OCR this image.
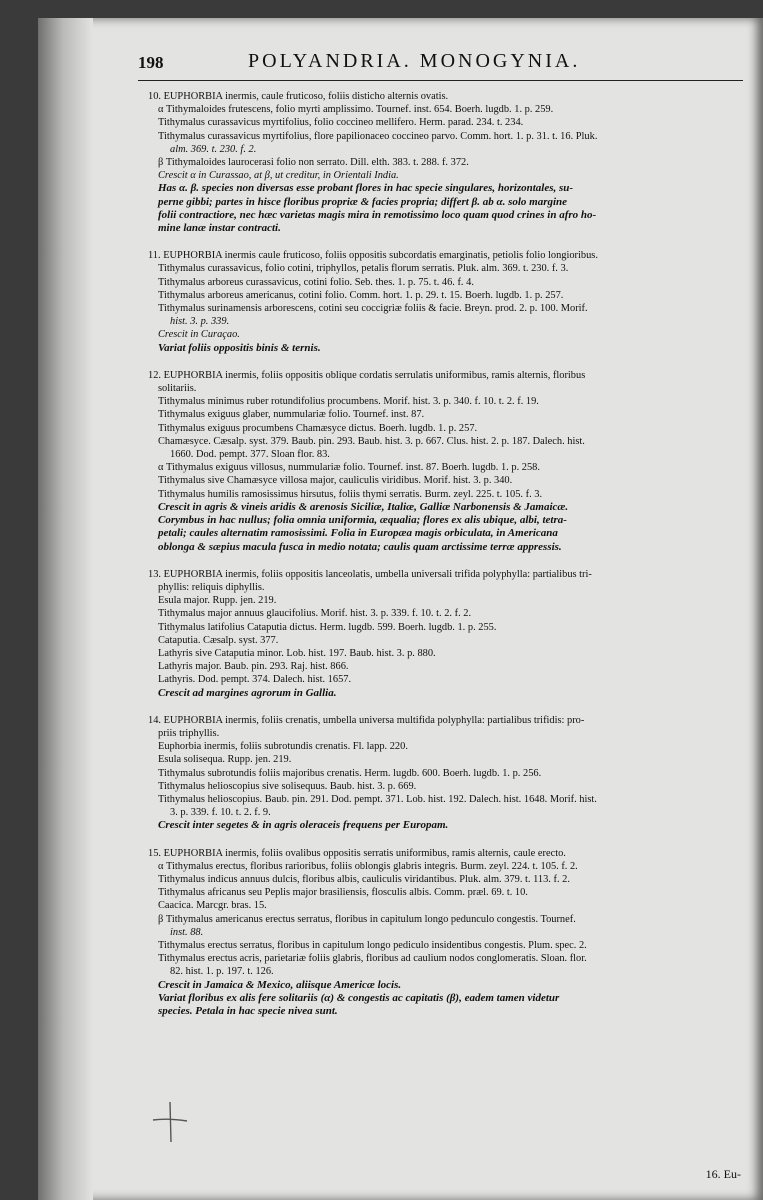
198	POLYANDRIA. MONOGYNIA.
10. EUPHORBIA inermis, caule fruticoso, foliis disticho alternis ovatis.
α Tithymaloides frutescens, folio myrti amplissimo. Tournef. inst. 654. Boerh. lugdb. 1. p. 259.
Tithymalus curassavicus myrtifolius, folio coccineo mellifero. Herm. parad. 234. t. 234.
Tithymalus curassavicus myrtifolius, flore papilionaceo coccineo parvo. Comm. hort. 1. p. 31. t. 16. Pluk.
alm. 369. t. 230. f. 2.
β Tithymaloides laurocerasi folio non serrato. Dill. elth. 383. t. 288. f. 372.
Crescit α in Curassao, at β, ut creditur, in Orientali India.
Has α. β. species non diversas esse probant flores in hac specie singulares, horizontales, su-
perne gibbi; partes in hisce floribus propriæ & facies propria; differt β. ab α. solo margine
folii contractiore, nec hæc varietas magis mira in remotissimo loco quam quod crines in afro ho-
mine lanæ instar contracti.
11. EUPHORBIA inermis caule fruticoso, foliis oppositis subcordatis emarginatis, petiolis folio longioribus.
Tithymalus curassavicus, folio cotini, triphyllos, petalis florum serratis. Pluk. alm. 369. t. 230. f. 3.
Tithymalus arboreus curassavicus, cotini folio. Seb. thes. 1. p. 75. t. 46. f. 4.
Tithymalus arboreus americanus, cotini folio. Comm. hort. 1. p. 29. t. 15. Boerh. lugdb. 1. p. 257.
Tithymalus surinamensis arborescens, cotini seu coccigriæ foliis & facie. Breyn. prod. 2. p. 100. Morif.
hist. 3. p. 339.
Crescit in Curaçao.
Variat foliis oppositis binis & ternis.
12. EUPHORBIA inermis, foliis oppositis oblique cordatis serrulatis uniformibus, ramis alternis, floribus
solitariis.
Tithymalus minimus ruber rotundifolius procumbens. Morif. hist. 3. p. 340. f. 10. t. 2. f. 19.
Tithymalus exiguus glaber, nummulariæ folio. Tournef. inst. 87.
Tithymalus exiguus procumbens Chamæsyce dictus. Boerh. lugdb. 1. p. 257.
Chamæsyce. Cæsalp. syst. 379. Baub. pin. 293. Baub. hist. 3. p. 667. Clus. hist. 2. p. 187. Dalech. hist.
1660. Dod. pempt. 377. Sloan flor. 83.
α Tithymalus exiguus villosus, nummulariæ folio. Tournef. inst. 87. Boerh. lugdb. 1. p. 258.
Tithymalus sive Chamæsyce villosa major, cauliculis viridibus. Morif. hist. 3. p. 340.
Tithymalus humilis ramosissimus hirsutus, foliis thymi serratis. Burm. zeyl. 225. t. 105. f. 3.
Crescit in agris & vineis aridis & arenosis Siciliæ, Italiæ, Galliæ Narbonensis & Jamaicæ.
Corymbus in hac nullus; folia omnia uniformia, æqualia; flores ex alis ubique, albi, tetra-
petali; caules alternatim ramosissimi. Folia in Europæa magis orbiculata, in Americana
oblonga & sæpius macula fusca in medio notata; caulis quam arctissime terræ appressis.
13. EUPHORBIA inermis, foliis oppositis lanceolatis, umbella universali trifida polyphylla: partialibus tri-
phyllis: reliquis diphyllis.
Esula major. Rupp. jen. 219.
Tithymalus major annuus glaucifolius. Morif. hist. 3. p. 339. f. 10. t. 2. f. 2.
Tithymalus latifolius Cataputia dictus. Herm. lugdb. 599. Boerh. lugdb. 1. p. 255.
Cataputia. Cæsalp. syst. 377.
Lathyris sive Cataputia minor. Lob. hist. 197. Baub. hist. 3. p. 880.
Lathyris major. Baub. pin. 293. Raj. hist. 866.
Lathyris. Dod. pempt. 374. Dalech. hist. 1657.
Crescit ad margines agrorum in Gallia.
14. EUPHORBIA inermis, foliis crenatis, umbella universa multifida polyphylla: partialibus trifidis: pro-
priis triphyllis.
Euphorbia inermis, foliis subrotundis crenatis. Fl. lapp. 220.
Esula solisequa. Rupp. jen. 219.
Tithymalus subrotundis foliis majoribus crenatis. Herm. lugdb. 600. Boerh. lugdb. 1. p. 256.
Tithymalus helioscopius sive solisequus. Baub. hist. 3. p. 669.
Tithymalus helioscopius. Baub. pin. 291. Dod. pempt. 371. Lob. hist. 192. Dalech. hist. 1648. Morif. hist.
3. p. 339. f. 10. t. 2. f. 9.
Crescit inter segetes & in agris oleraceis frequens per Europam.
15. EUPHORBIA inermis, foliis ovalibus oppositis serratis uniformibus, ramis alternis, caule erecto.
α Tithymalus erectus, floribus rarioribus, foliis oblongis glabris integris. Burm. zeyl. 224. t. 105. f. 2.
Tithymalus indicus annuus dulcis, floribus albis, cauliculis viridantibus. Pluk. alm. 379. t. 113. f. 2.
Tithymalus africanus seu Peplis major brasiliensis, flosculis albis. Comm. præl. 69. t. 10.
Caacica. Marcgr. bras. 15.
β Tithymalus americanus erectus serratus, floribus in capitulum longo pedunculo congestis. Tournef.
inst. 88.
Tithymalus erectus serratus, floribus in capitulum longo pediculo insidentibus congestis. Plum. spec. 2.
Tithymalus erectus acris, parietariæ foliis glabris, floribus ad caulium nodos conglomeratis. Sloan. flor.
82. hist. 1. p. 197. t. 126.
Crescit in Jamaica & Mexico, aliisque Americæ locis.
Variat floribus ex alis fere solitariis (α) & congestis ac capitatis (β), eadem tamen videtur
species. Petala in hac specie nivea sunt.
16. Eu-
